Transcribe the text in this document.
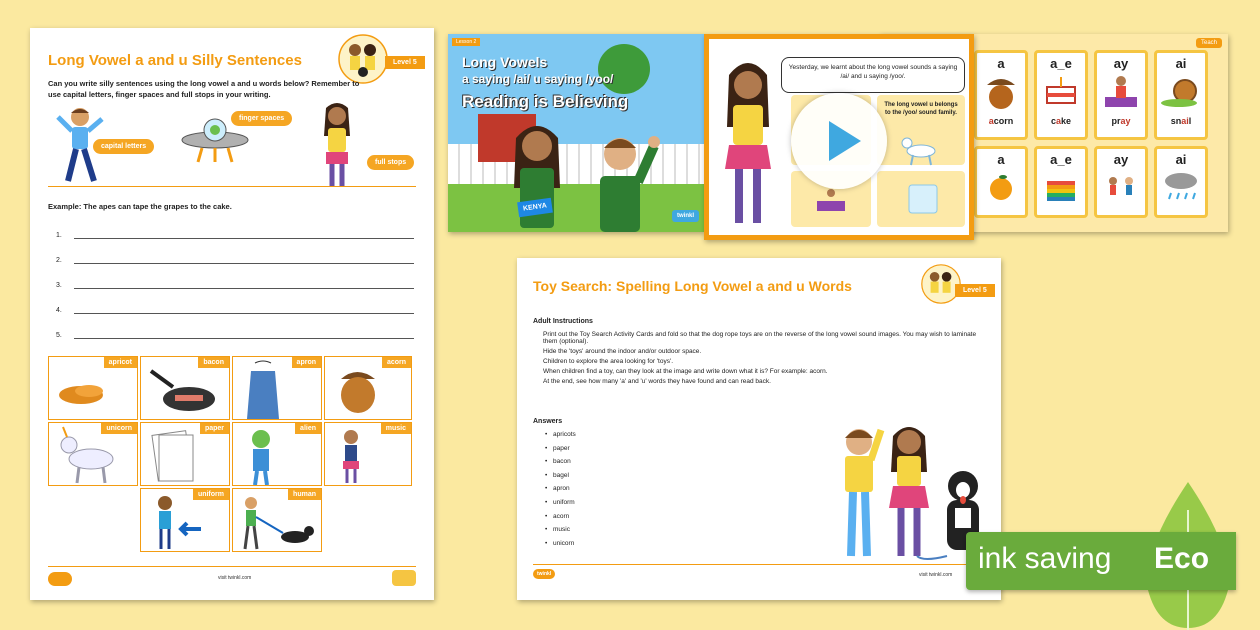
Long Vowel a and u Silly Sentences	Level 5
Can you write silly sentences using the long vowel a and u words below? Remember to use capital letters, finger spaces and full stops in your writing.
capital letters
finger spaces
full stops
Example: The apes can tape the grapes to the cake.
1.
2.
3.
4.
5.
apricot	bacon	apron	acorn
unicorn	paper	alien	music
uniform	human
visit twinkl.com
Lesson 2
Long Vowels
a saying /ai/ u saying /yoo/
Reading is Believing
KENYA
twinkl
Teach
a
acorn
a_e
cake
ay
pray
ai
snail
a	a_e	ay	ai
Yesterday, we learnt about the long vowel sounds a saying /ai/ and u saying /yoo/.
The long vowel u belongs to the /yoo/ sound family.
Toy Search: Spelling Long Vowel a and u Words	Level 5
Adult Instructions
Print out the Toy Search Activity Cards and fold so that the dog rope toys are on the reverse of the long vowel sound images. You may wish to laminate them (optional).
Hide the 'toys' around the indoor and/or outdoor space.
Children to explore the area looking for 'toys'.
When children find a toy, can they look at the image and write down what it is? For example: acorn.
At the end, see how many 'a' and 'u' words they have found and can read back.
Answers
• apricots
• paper
• bacon
• bagel
• apron
• uniform
• acorn
• music
• unicorn
twinkl	visit twinkl.com ink saving Eco
